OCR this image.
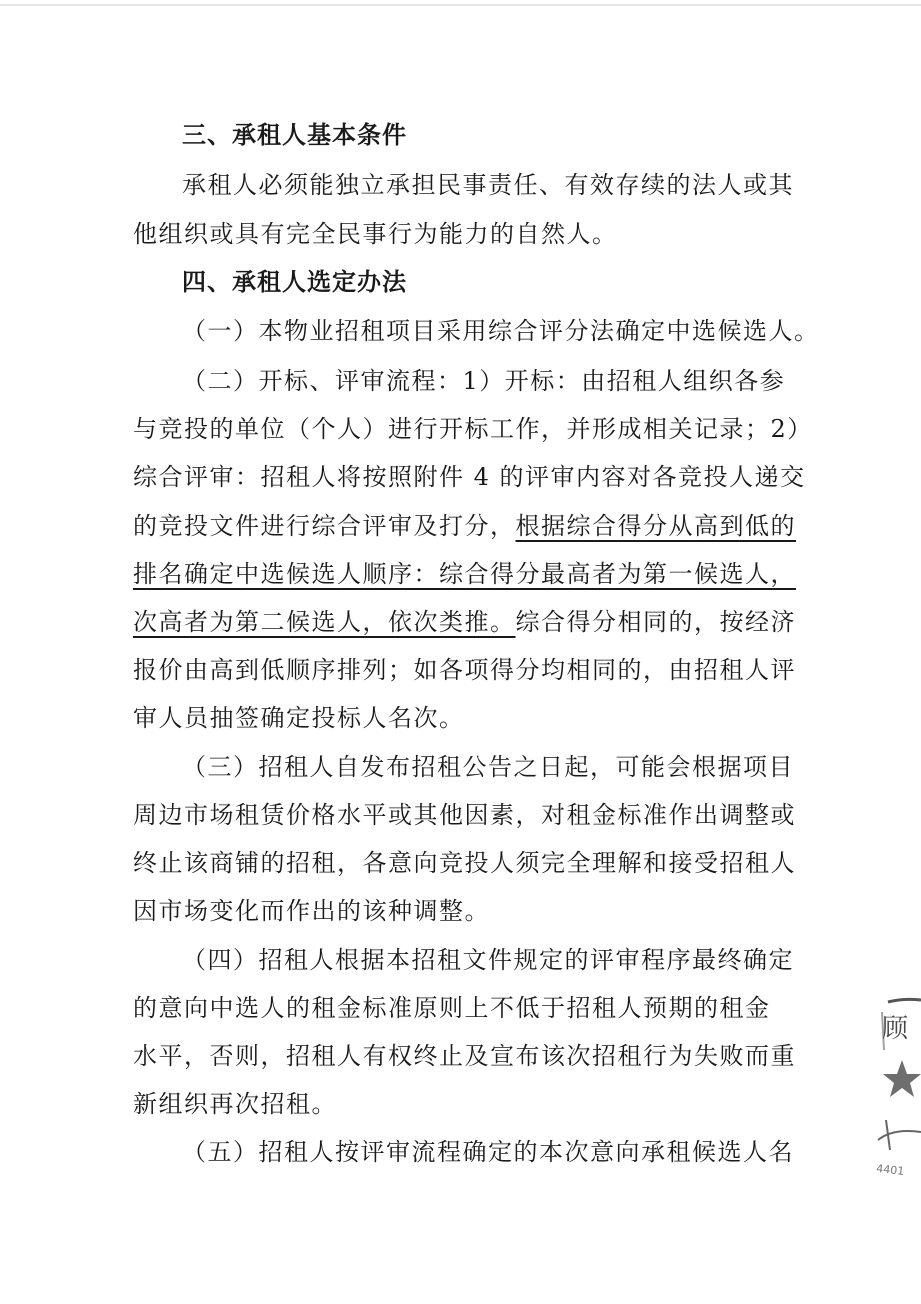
三、承租人基本条件
承租人必须能独立承担民事责任、有效存续的法人或其
他组织或具有完全民事行为能力的自然人。
四、承租人选定办法
（一）本物业招租项目采用综合评分法确定中选候选人。
（二）开标、评审流程：1）开标：由招租人组织各参
与竞投的单位（个人）进行开标工作，并形成相关记录；2）
综合评审：招租人将按照附件 4 的评审内容对各竞投人递交
的竞投文件进行综合评审及打分，根据综合得分从高到低的
排名确定中选候选人顺序：综合得分最高者为第一候选人，
次高者为第二候选人，依次类推。综合得分相同的，按经济
报价由高到低顺序排列；如各项得分均相同的，由招租人评
审人员抽签确定投标人名次。
（三）招租人自发布招租公告之日起，可能会根据项目
周边市场租赁价格水平或其他因素，对租金标准作出调整或
终止该商铺的招租，各意向竞投人须完全理解和接受招租人
因市场变化而作出的该种调整。
（四）招租人根据本招租文件规定的评审程序最终确定
的意向中选人的租金标准原则上不低于招租人预期的租金
水平，否则，招租人有权终止及宣布该次招租行为失败而重
新组织再次招租。
（五）招租人按评审流程确定的本次意向承租候选人名
4401
顾
